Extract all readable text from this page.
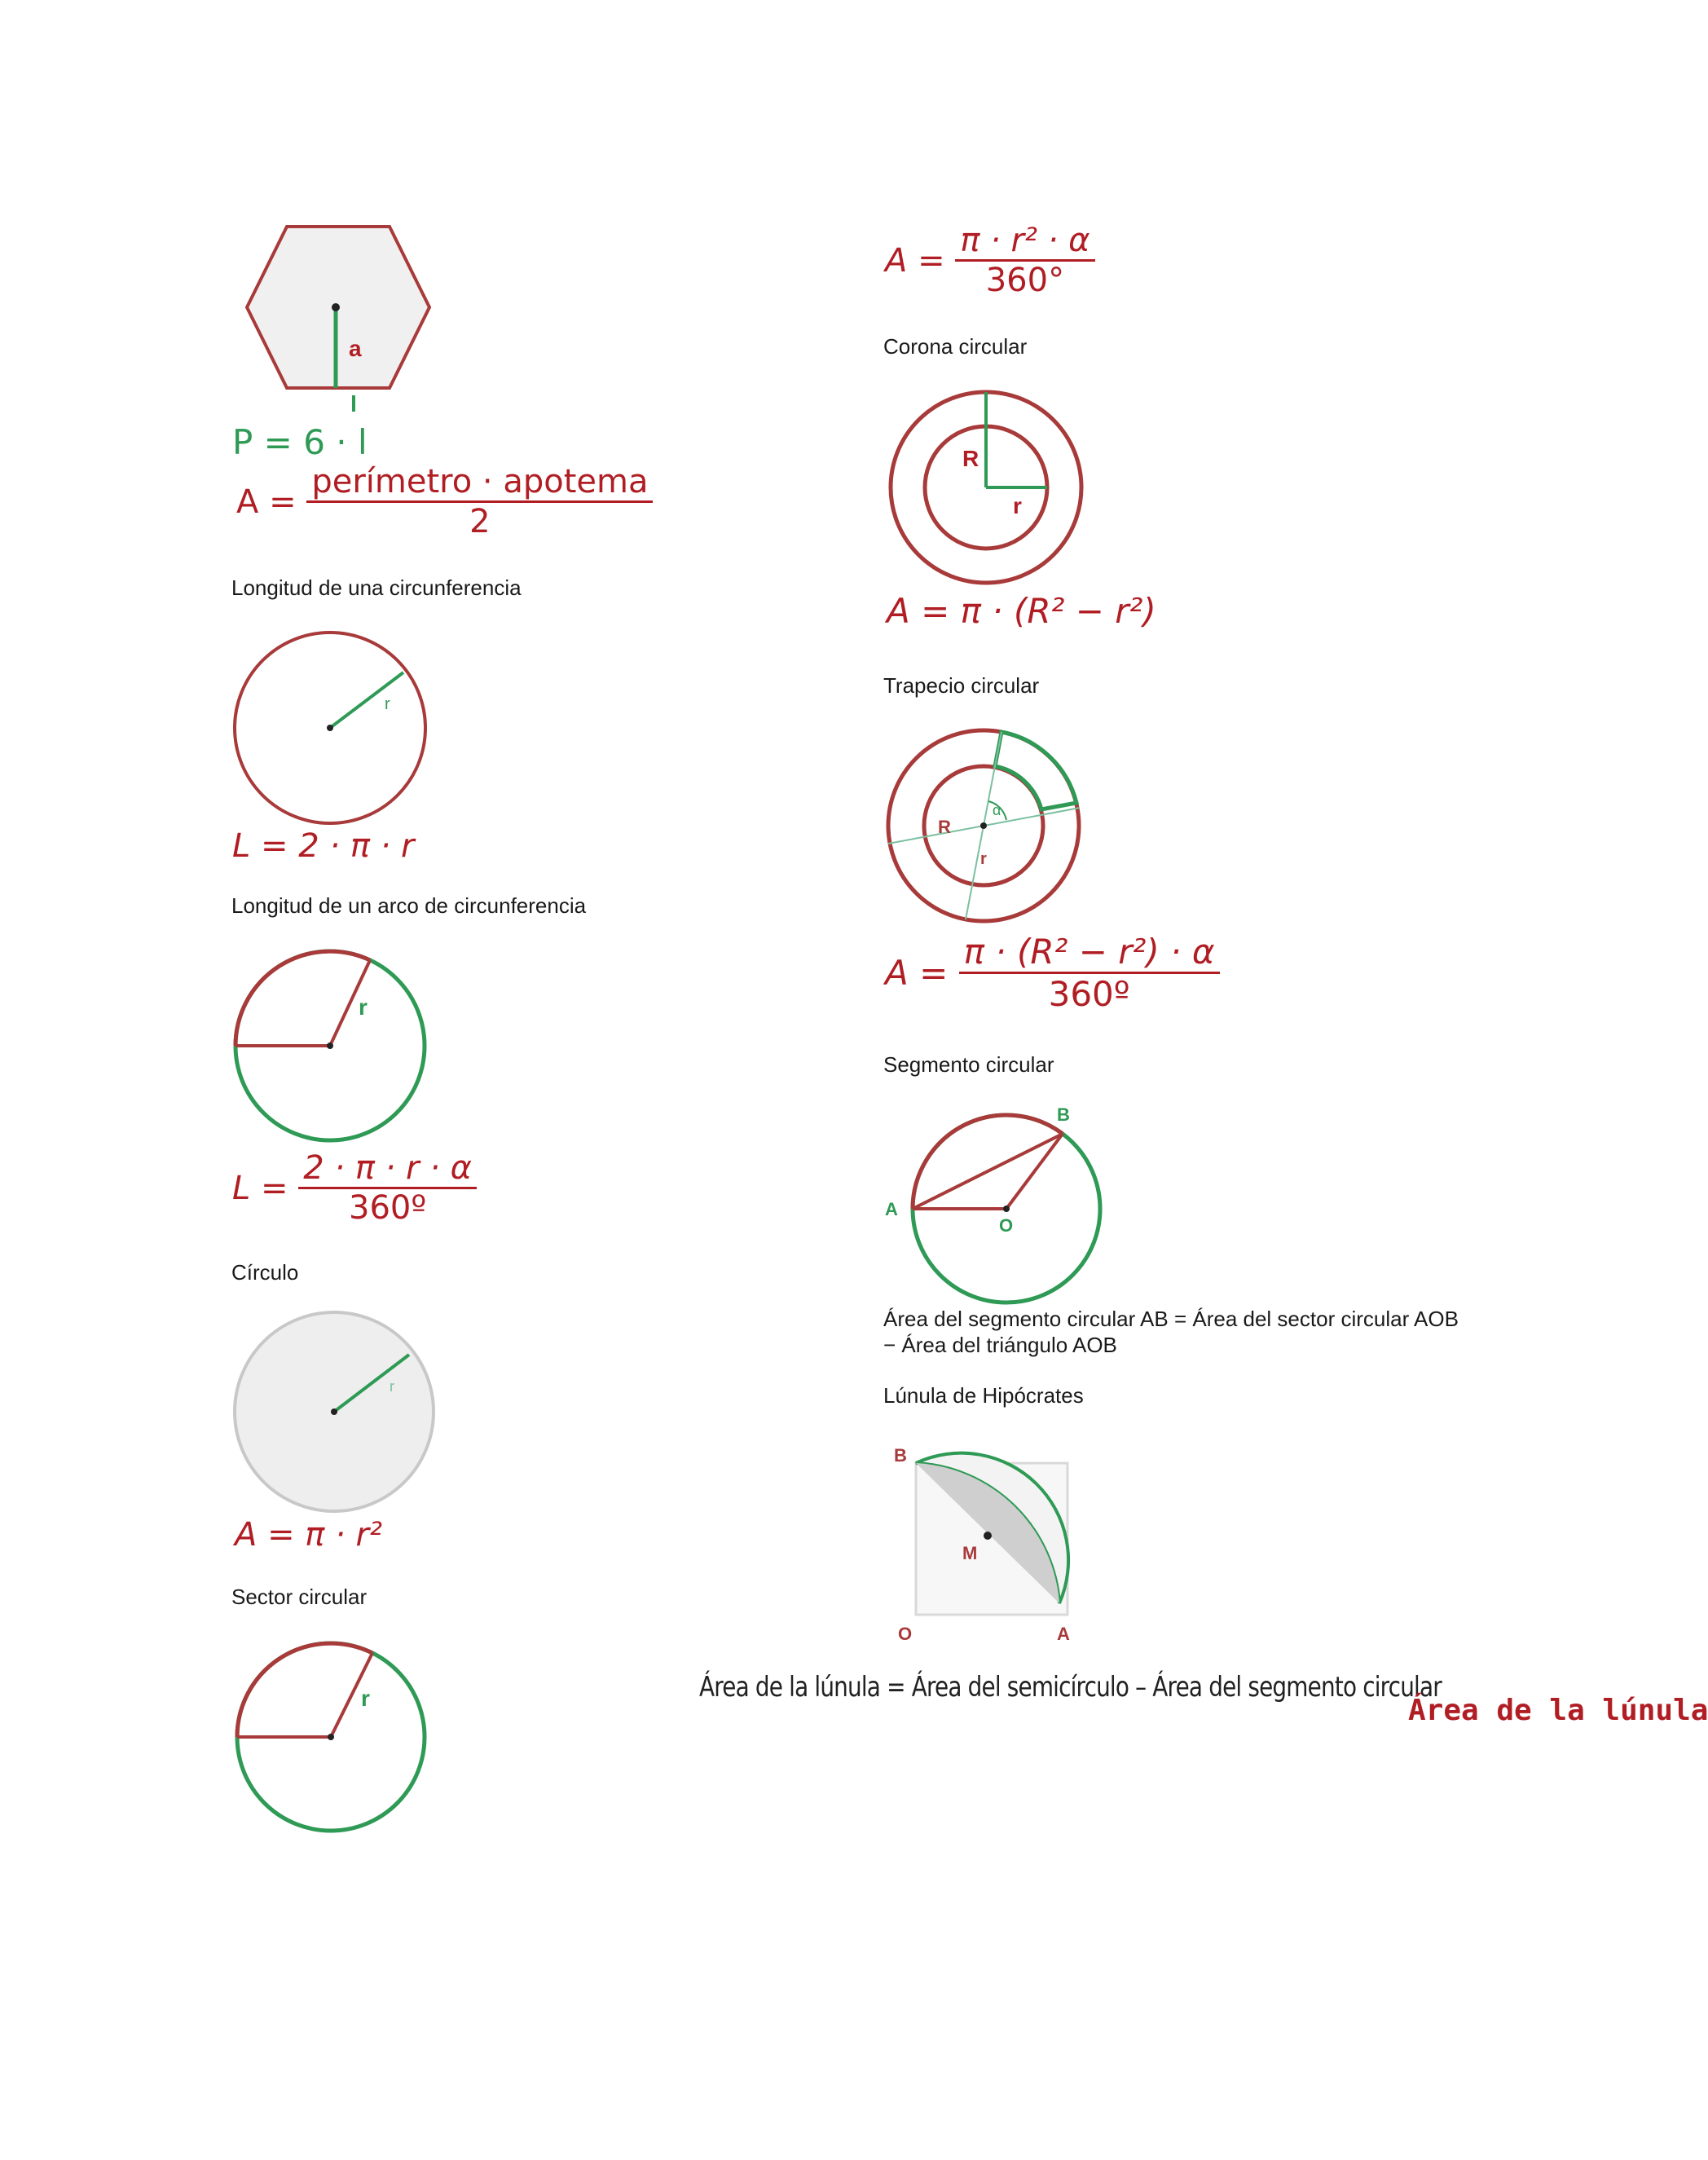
a
P = 6 · l
$A = \frac{\text{perímetro · apotema}}{2}$
Longitud de una circunferencia
r
L = 2 · π · r
Longitud de un arco de circunferencia
r
$L = \frac{2 \cdot \pi \cdot r \cdot \alpha}{\text{360º}}$
Círculo
r
A = π · r²
Sector circular
r
$A = \frac{\text{π · r² · α}}{360^\circ}$
Corona circular
R
r
A = π · (R² − r²)
Trapecio circular
α
R
r
$A = \frac{\text{π · (R² − r²) · α}}{\text{360º}}$
Segmento circular
A
B
O
Área del segmento circular AB = Área del sector circular AOB − Área del triángulo AOB
Lúnula de Hipócrates
B
M
O	A
Área de la lúnula = Área del semicírculo – Área del segmento circular
Área de la lúnula
